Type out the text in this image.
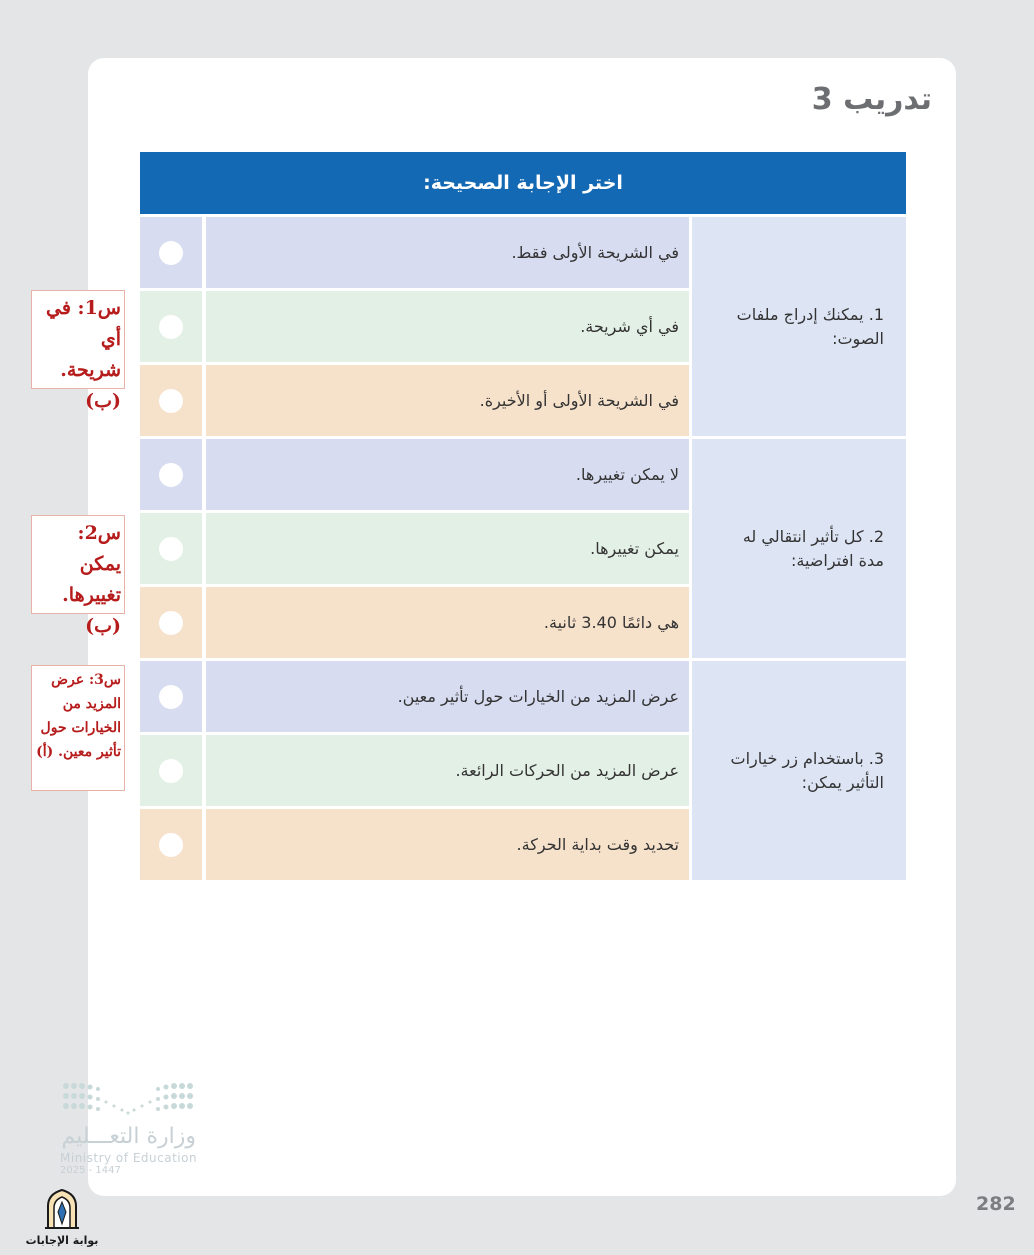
تدريب 3
اختر الإجابة الصحيحة:
1. يمكنك إدراج ملفات الصوت:
في الشريحة الأولى فقط.
في أي شريحة.
في الشريحة الأولى أو الأخيرة.
2. كل تأثير انتقالي له مدة افتراضية:
لا يمكن تغييرها.
يمكن تغييرها.
هي دائمًا 3.40 ثانية.
3. باستخدام زر خيارات التأثير يمكن:
عرض المزيد من الخيارات حول تأثير معين.
عرض المزيد من الحركات الرائعة.
تحديد وقت بداية الحركة.
س1: في أي شريحة. (ب)
س2: يمكن تغييرها. (ب)
س3: عرض المزيد من الخيارات حول تأثير معين. (أ)
وزارة التعـــليم
Ministry of Education
2025 - 1447
بوابة الإجابات
282
